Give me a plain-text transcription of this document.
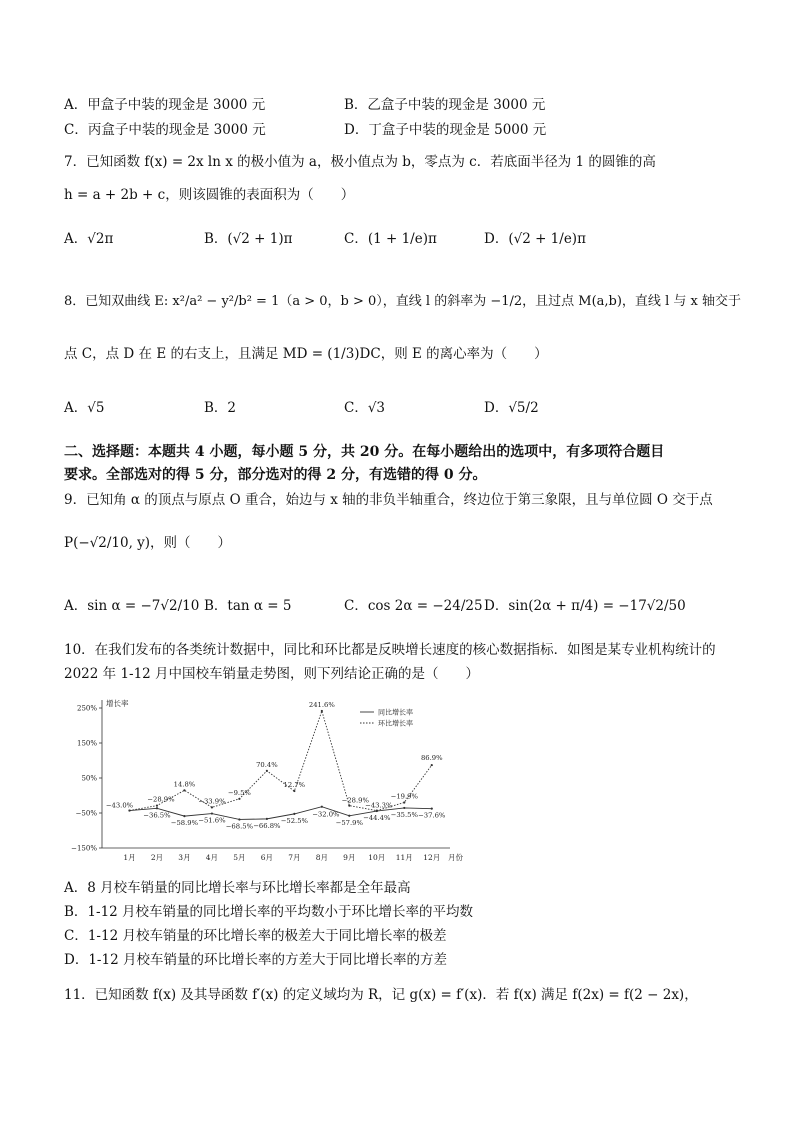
A．甲盒子中装的现金是 3000 元	B．乙盒子中装的现金是 3000 元
C．丙盒子中装的现金是 3000 元	D．丁盒子中装的现金是 5000 元
7．已知函数 f(x) = 2x ln x 的极小值为 a，极小值点为 b，零点为 c．若底面半径为 1 的圆锥的高
h = a + 2b + c，则该圆锥的表面积为（　　）
A．√2π	B．(√2 + 1)π	C．(1 + 1/e)π	D．(√2 + 1/e)π
8．已知双曲线 E: x²/a² − y²/b² = 1（a > 0，b > 0），直线 l 的斜率为 −1/2，且过点 M(a,b)，直线 l 与 x 轴交于
点 C，点 D 在 E 的右支上，且满足 MD = (1/3)DC，则 E 的离心率为（　　）
A．√5	B．2	C．√3	D．√5/2
二、选择题：本题共 4 小题，每小题 5 分，共 20 分。在每小题给出的选项中，有多项符合题目
要求。全部选对的得 5 分，部分选对的得 2 分，有选错的得 0 分。
9．已知角 α 的顶点与原点 O 重合，始边与 x 轴的非负半轴重合，终边位于第三象限，且与单位圆 O 交于点
P(−√2/10, y)，则（　　）
A．sin α = −7√2/10 B．tan α = 5	C．cos 2α = −24/25 D．sin(2α + π/4) = −17√2/50
10．在我们发布的各类统计数据中，同比和环比都是反映增长速度的核心数据指标．如图是某专业机构统计的
2022 年 1-12 月中国校车销量走势图，则下列结论正确的是（　　）
增长率
250%
150%
50%
−50%
−150%
1月 2月 3月 4月 5月 6月 7月 8月 9月 10月 11月 12月 月份
−43.0%
−36.5%
−58.9% −51.6%
−68.5% −66.8%
−52.5%
−32.0%
−57.9%
−44.4% −35.5% −37.6%
−28.9%
14.8%
−33.9%
−9.5%
70.4%
12.7%
241.6%
−28.9%
−43.3%
−19.9%
86.9%
同比增长率
环比增长率
A．8 月校车销量的同比增长率与环比增长率都是全年最高
B．1-12 月校车销量的同比增长率的平均数小于环比增长率的平均数
C．1-12 月校车销量的环比增长率的极差大于同比增长率的极差
D．1-12 月校车销量的环比增长率的方差大于同比增长率的方差
11．已知函数 f(x) 及其导函数 f′(x) 的定义域均为 R，记 g(x) = f′(x)．若 f(x) 满足 f(2x) = f(2 − 2x)，
